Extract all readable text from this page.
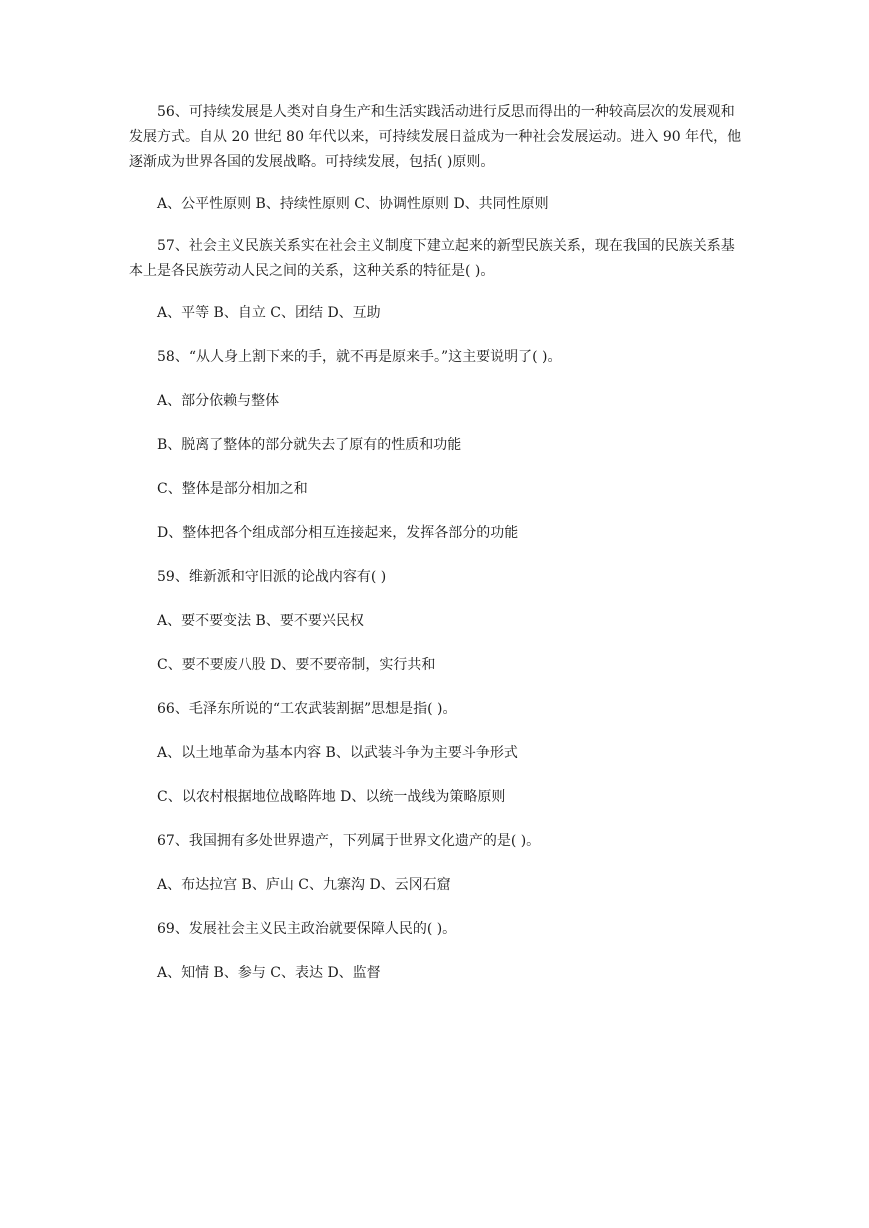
56、可持续发展是人类对自身生产和生活实践活动进行反思而得出的一种较高层次的发展观和发展方式。自从 20 世纪 80 年代以来，可持续发展日益成为一种社会发展运动。进入 90 年代，他逐渐成为世界各国的发展战略。可持续发展，包括( )原则。

A、公平性原则 B、持续性原则 C、协调性原则 D、共同性原则

57、社会主义民族关系实在社会主义制度下建立起来的新型民族关系，现在我国的民族关系基本上是各民族劳动人民之间的关系，这种关系的特征是( )。

A、平等 B、自立 C、团结 D、互助

58、“从人身上割下来的手，就不再是原来手。”这主要说明了( )。

A、部分依赖与整体

B、脱离了整体的部分就失去了原有的性质和功能

C、整体是部分相加之和

D、整体把各个组成部分相互连接起来，发挥各部分的功能

59、维新派和守旧派的论战内容有( )

A、要不要变法 B、要不要兴民权

C、要不要废八股 D、要不要帝制，实行共和

66、毛泽东所说的“工农武装割据”思想是指( )。

A、以土地革命为基本内容 B、以武装斗争为主要斗争形式

C、以农村根据地位战略阵地 D、以统一战线为策略原则

67、我国拥有多处世界遗产，下列属于世界文化遗产的是( )。

A、布达拉宫 B、庐山 C、九寨沟 D、云冈石窟

69、发展社会主义民主政治就要保障人民的( )。

A、知情 B、参与 C、表达 D、监督
